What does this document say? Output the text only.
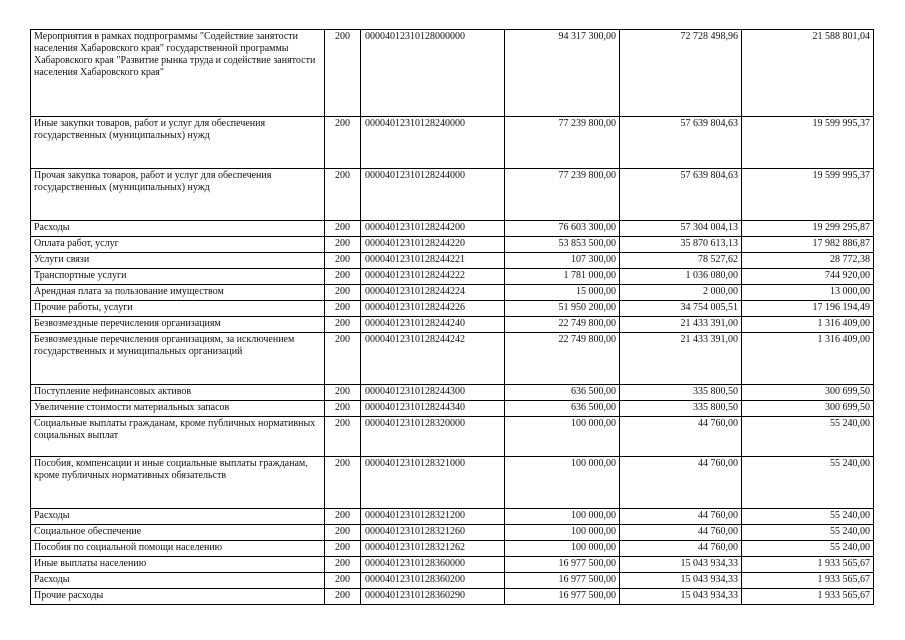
Мероприятия в рамках подпрограммы "Содействие занятости населения Хабаровского края" государственной программы Хабаровского края "Развитие рынка труда и содействие занятости населения Хабаровского края"	200	00004012310128000000	94 317 300,00	72 728 498,96	21 588 801,04
Иные закупки товаров, работ и услуг для обеспечения государственных (муниципальных) нужд	200	00004012310128240000	77 239 800,00	57 639 804,63	19 599 995,37
Прочая закупка товаров, работ и услуг для обеспечения государственных (муниципальных) нужд	200	00004012310128244000	77 239 800,00	57 639 804,63	19 599 995,37
Расходы	200	00004012310128244200	76 603 300,00	57 304 004,13	19 299 295,87
Оплата работ, услуг	200	00004012310128244220	53 853 500,00	35 870 613,13	17 982 886,87
Услуги связи	200	00004012310128244221	107 300,00	78 527,62	28 772,38
Транспортные услуги	200	00004012310128244222	1 781 000,00	1 036 080,00	744 920,00
Арендная плата за пользование имуществом	200	00004012310128244224	15 000,00	2 000,00	13 000,00
Прочие работы, услуги	200	00004012310128244226	51 950 200,00	34 754 005,51	17 196 194,49
Безвозмездные перечисления организациям	200	00004012310128244240	22 749 800,00	21 433 391,00	1 316 409,00
Безвозмездные перечисления организациям, за исключением государственных и муниципальных организаций	200	00004012310128244242	22 749 800,00	21 433 391,00	1 316 409,00
Поступление нефинансовых активов	200	00004012310128244300	636 500,00	335 800,50	300 699,50
Увеличение стоимости материальных запасов	200	00004012310128244340	636 500,00	335 800,50	300 699,50
Социальные выплаты гражданам, кроме публичных нормативных социальных выплат	200	00004012310128320000	100 000,00	44 760,00	55 240,00
Пособия, компенсации и иные социальные выплаты гражданам, кроме публичных нормативных обязательств	200	00004012310128321000	100 000,00	44 760,00	55 240,00
Расходы	200	00004012310128321200	100 000,00	44 760,00	55 240,00
Социальное обеспечение	200	00004012310128321260	100 000,00	44 760,00	55 240,00
Пособия по социальной помощи населению	200	00004012310128321262	100 000,00	44 760,00	55 240,00
Иные выплаты населению	200	00004012310128360000	16 977 500,00	15 043 934,33	1 933 565,67
Расходы	200	00004012310128360200	16 977 500,00	15 043 934,33	1 933 565,67
Прочие расходы	200	00004012310128360290	16 977 500,00	15 043 934,33	1 933 565,67
